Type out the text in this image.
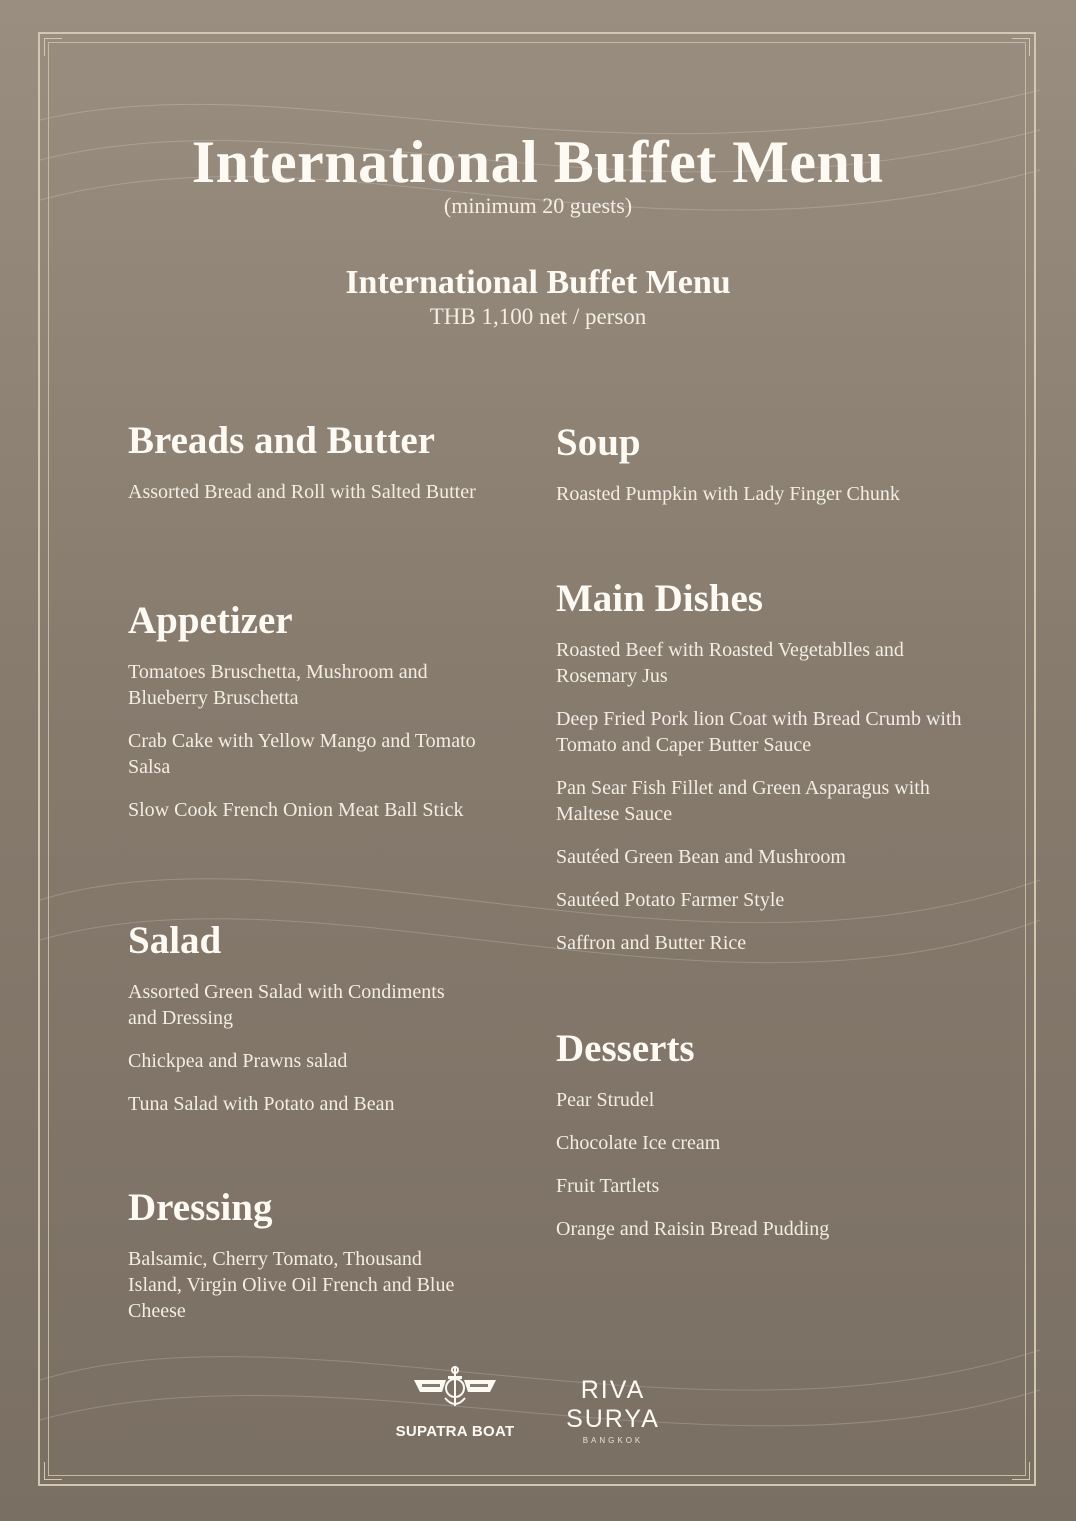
International Buffet Menu
(minimum 20 guests)
International Buffet Menu
THB 1,100 net / person
Breads and Butter
Assorted Bread and Roll with Salted Butter
Appetizer
Tomatoes Bruschetta, Mushroom and Blueberry Bruschetta
Crab Cake with Yellow Mango and Tomato Salsa
Slow Cook French Onion Meat Ball Stick
Salad
Assorted Green Salad with Condiments and Dressing
Chickpea and Prawns salad
Tuna Salad with Potato and Bean
Dressing
Balsamic, Cherry Tomato, Thousand Island, Virgin Olive Oil French and Blue Cheese
Soup
Roasted Pumpkin with Lady Finger Chunk
Main Dishes
Roasted Beef with Roasted Vegetablles and Rosemary Jus
Deep Fried Pork lion Coat with Bread Crumb with Tomato and Caper Butter Sauce
Pan Sear Fish Fillet and Green Asparagus with Maltese Sauce
Sautéed Green Bean and Mushroom
Sautéed Potato Farmer Style
Saffron and Butter Rice
Desserts
Pear Strudel
Chocolate Ice cream
Fruit Tartlets
Orange and Raisin Bread Pudding
SUPATRA BOAT
RIVA SURYA
BANGKOK
